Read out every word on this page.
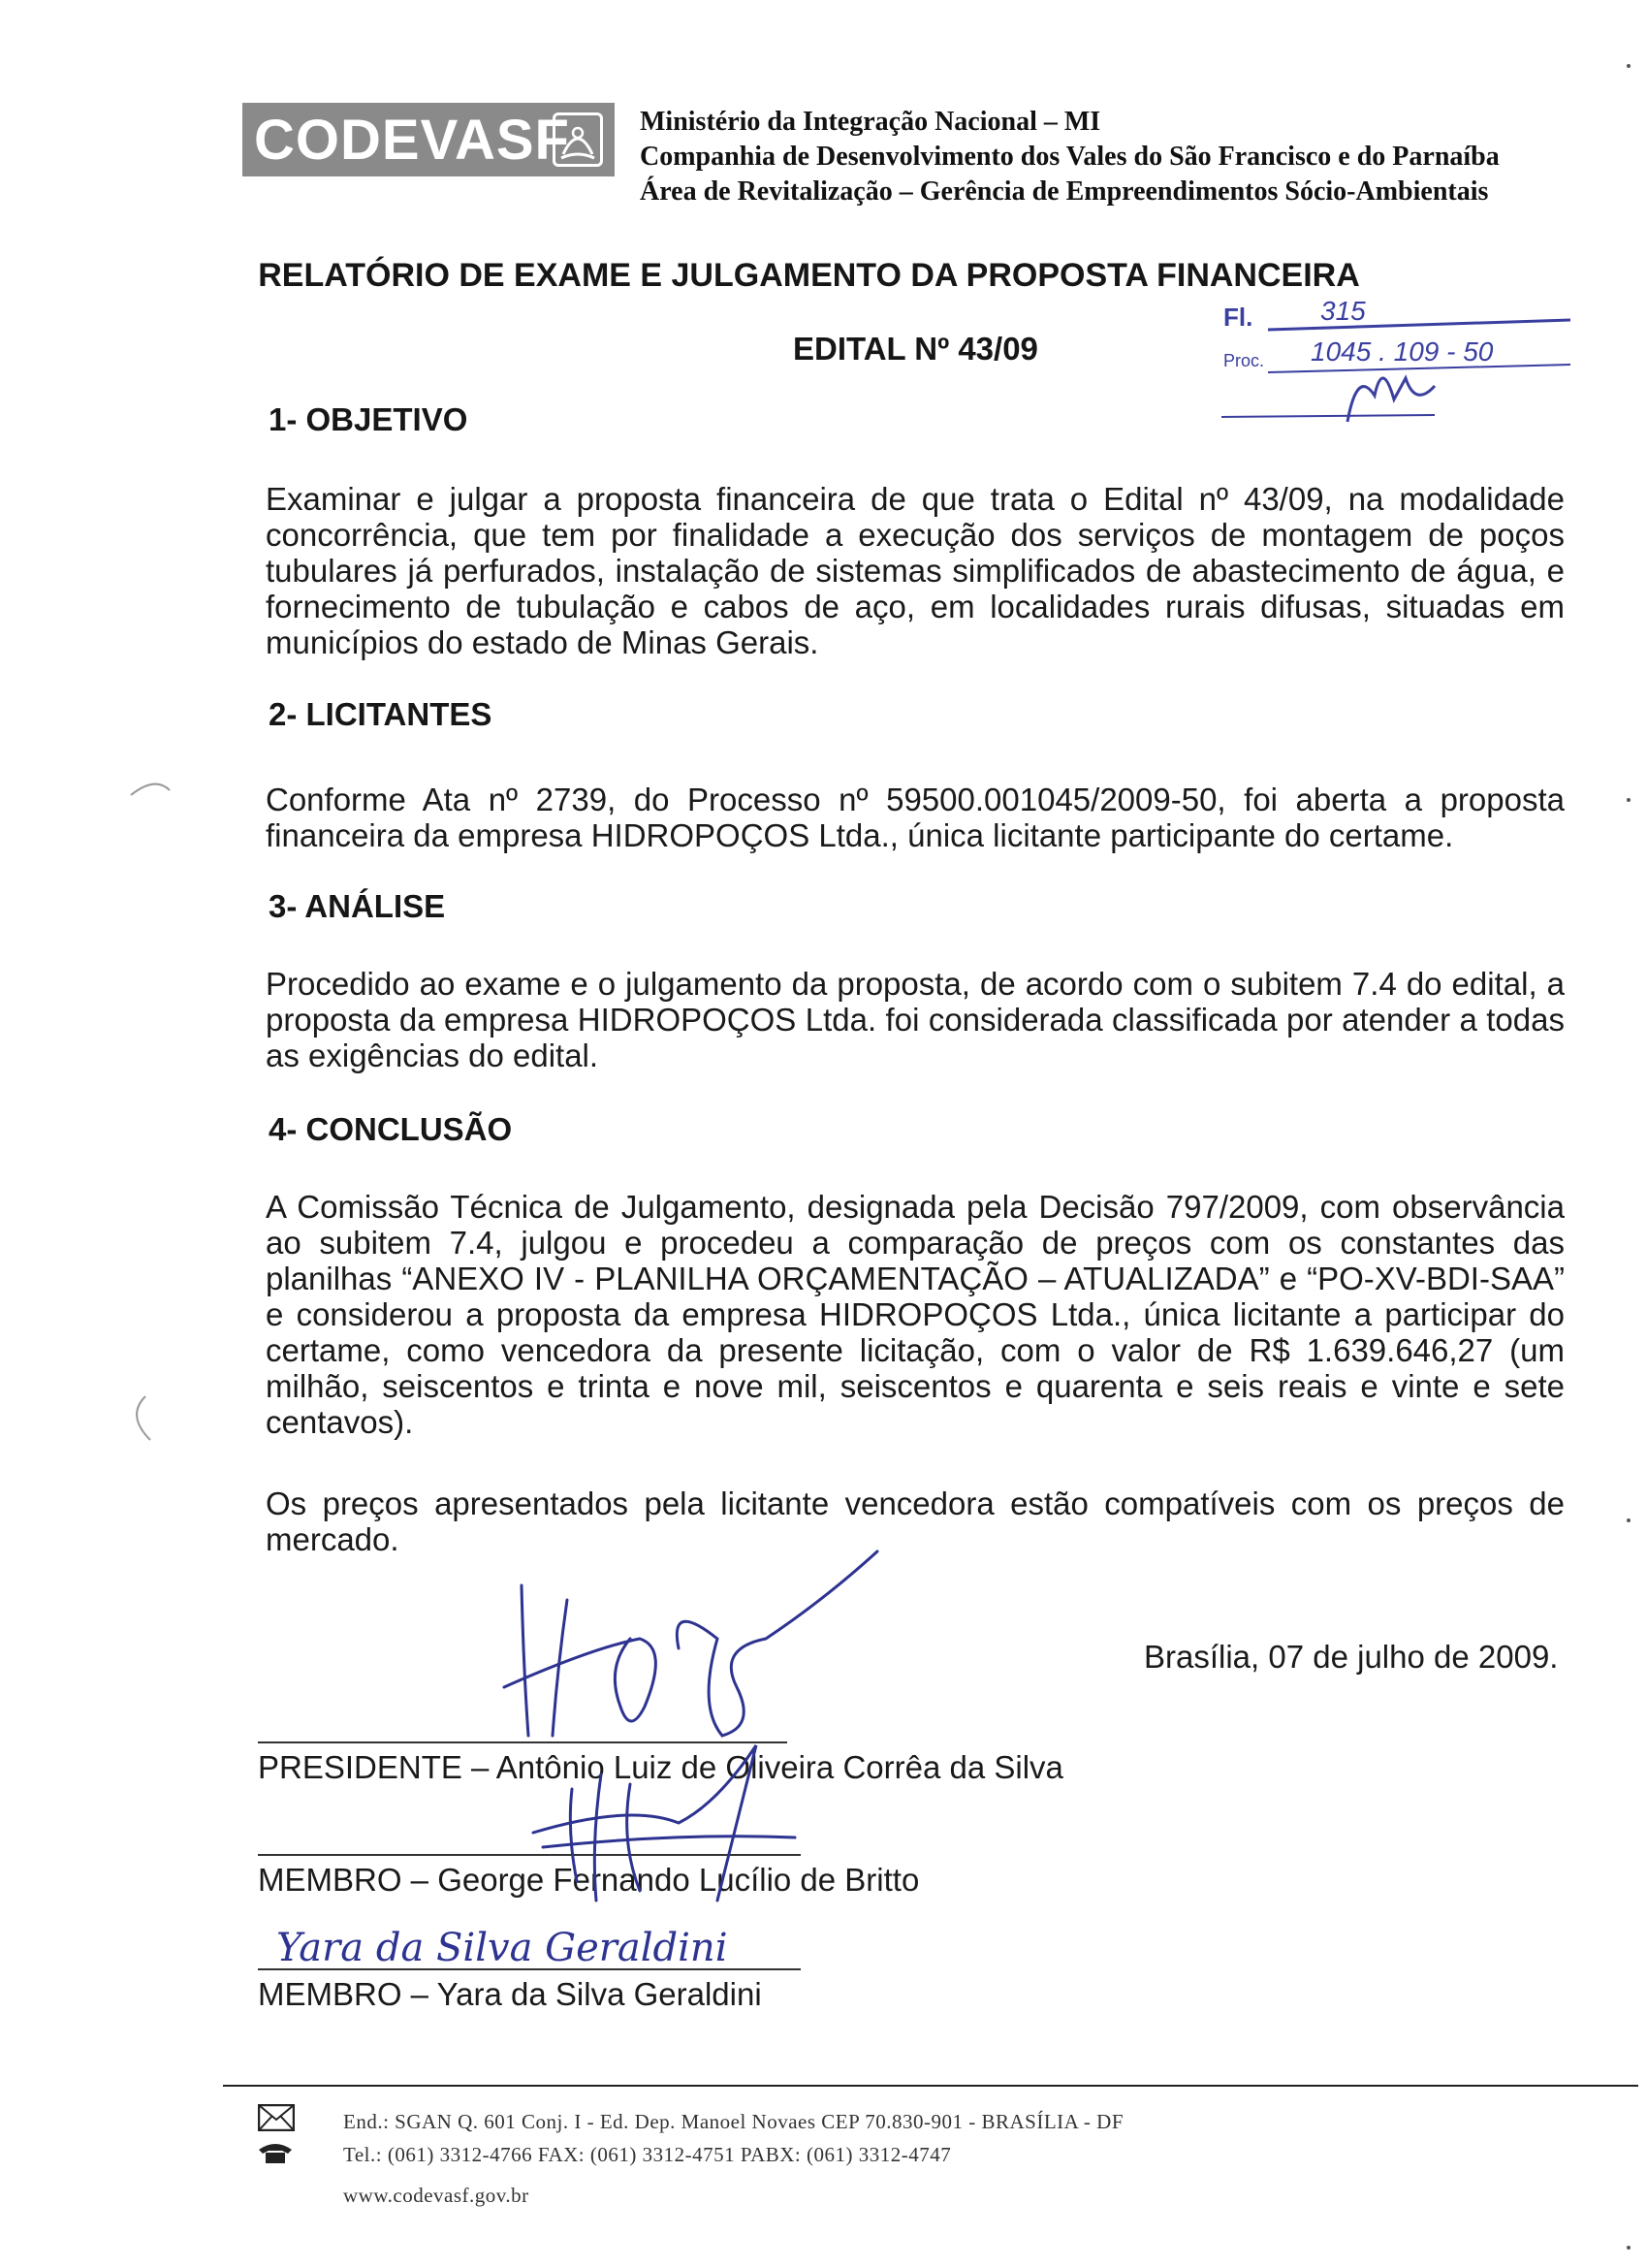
CODEVASF	Ministério da Integração Nacional – MI
Companhia de Desenvolvimento dos Vales do São Francisco e do Parnaíba
Área de Revitalização – Gerência de Empreendimentos Sócio-Ambientais
RELATÓRIO DE EXAME E JULGAMENTO DA PROPOSTA FINANCEIRA
EDITAL Nº 43/09
Fl. 315
Proc. 1045 . 109 - 50
1- OBJETIVO
Examinar e julgar a proposta financeira de que trata o Edital nº 43/09, na modalidade concorrência, que tem por finalidade a execução dos serviços de montagem de poços tubulares já perfurados, instalação de sistemas simplificados de abastecimento de água, e fornecimento de tubulação e cabos de aço, em localidades rurais difusas, situadas em municípios do estado de Minas Gerais.
2- LICITANTES
Conforme Ata nº 2739, do Processo nº 59500.001045/2009-50, foi aberta a proposta financeira da empresa HIDROPOÇOS Ltda., única licitante participante do certame.
3- ANÁLISE
Procedido ao exame e o julgamento da proposta, de acordo com o subitem 7.4 do edital, a proposta da empresa HIDROPOÇOS Ltda. foi considerada classificada por atender a todas as exigências do edital.
4- CONCLUSÃO
A Comissão Técnica de Julgamento, designada pela Decisão 797/2009, com observância ao subitem 7.4, julgou e procedeu a comparação de preços com os constantes das planilhas “ANEXO IV - PLANILHA ORÇAMENTAÇÃO – ATUALIZADA” e “PO-XV-BDI-SAA” e considerou a proposta da empresa HIDROPOÇOS Ltda., única licitante a participar do certame, como vencedora da presente licitação, com o valor de R$ 1.639.646,27 (um milhão, seiscentos e trinta e nove mil, seiscentos e quarenta e seis reais e vinte e sete centavos).
Os preços apresentados pela licitante vencedora estão compatíveis com os preços de mercado.
Brasília, 07 de julho de 2009.
PRESIDENTE – Antônio Luiz de Oliveira Corrêa da Silva
MEMBRO – George Fernando Lucílio de Britto
MEMBRO – Yara da Silva Geraldini
Yara da Silva Geraldini
End.: SGAN Q. 601 Conj. I - Ed. Dep. Manoel Novaes CEP 70.830-901 - BRASÍLIA - DF
Tel.: (061) 3312-4766 FAX: (061) 3312-4751 PABX: (061) 3312-4747
www.codevasf.gov.br
